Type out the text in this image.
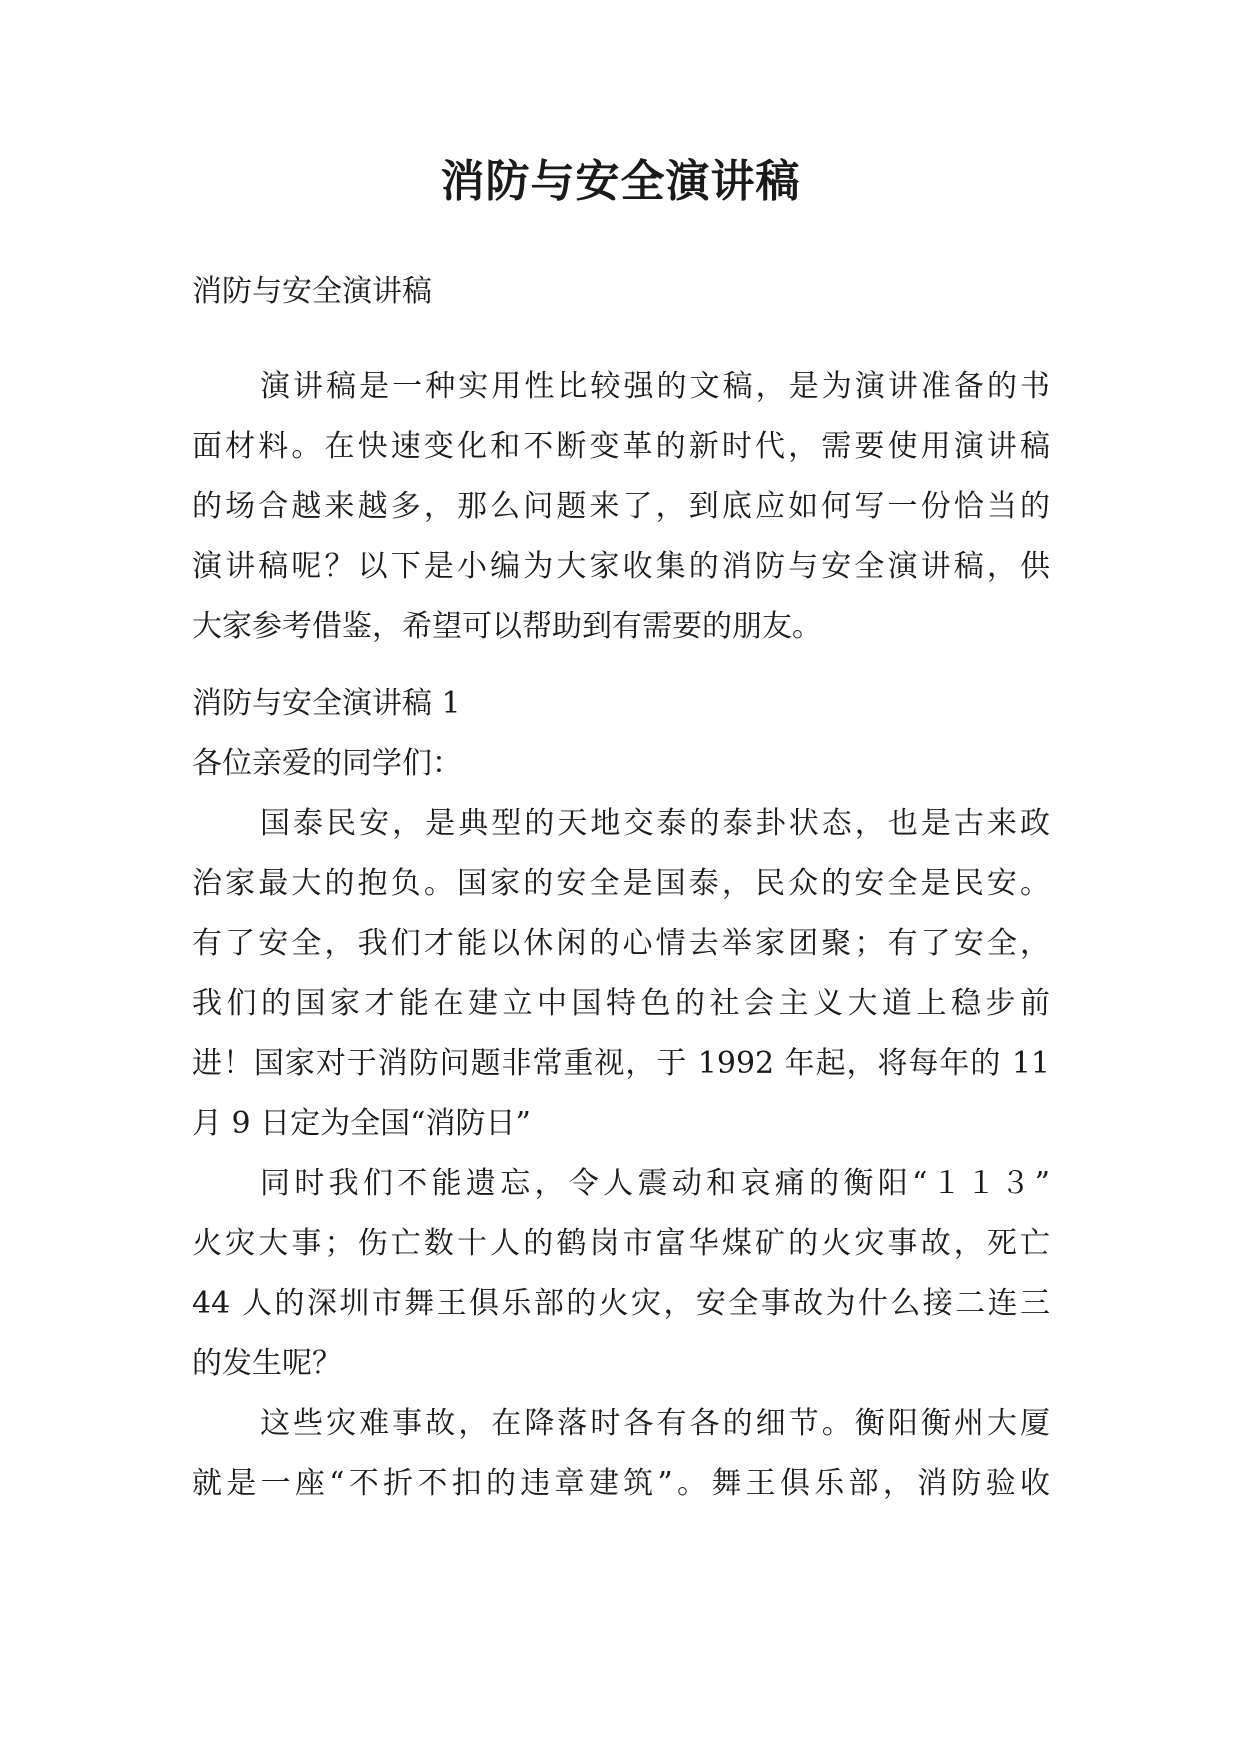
消防与安全演讲稿
消防与安全演讲稿
演讲稿是一种实用性比较强的文稿，是为演讲准备的书
面材料。在快速变化和不断变革的新时代，需要使用演讲稿
的场合越来越多，那么问题来了，到底应如何写一份恰当的
演讲稿呢？以下是小编为大家收集的消防与安全演讲稿，供
大家参考借鉴，希望可以帮助到有需要的朋友。
消防与安全演讲稿 1
各位亲爱的同学们：
国泰民安，是典型的天地交泰的泰卦状态，也是古来政
治家最大的抱负。国家的安全是国泰，民众的安全是民安。
有了安全，我们才能以休闲的心情去举家团聚；有了安全，
我们的国家才能在建立中国特色的社会主义大道上稳步前
进！国家对于消防问题非常重视，于 1992 年起，将每年的 11
月 9 日定为全国“消防日”
同时我们不能遗忘，令人震动和哀痛的衡阳“１１３”
火灾大事；伤亡数十人的鹤岗市富华煤矿的火灾事故，死亡
44 人的深圳市舞王俱乐部的火灾，安全事故为什么接二连三
的发生呢？
这些灾难事故，在降落时各有各的细节。衡阳衡州大厦
就是一座“不折不扣的违章建筑”。舞王俱乐部，消防验收
